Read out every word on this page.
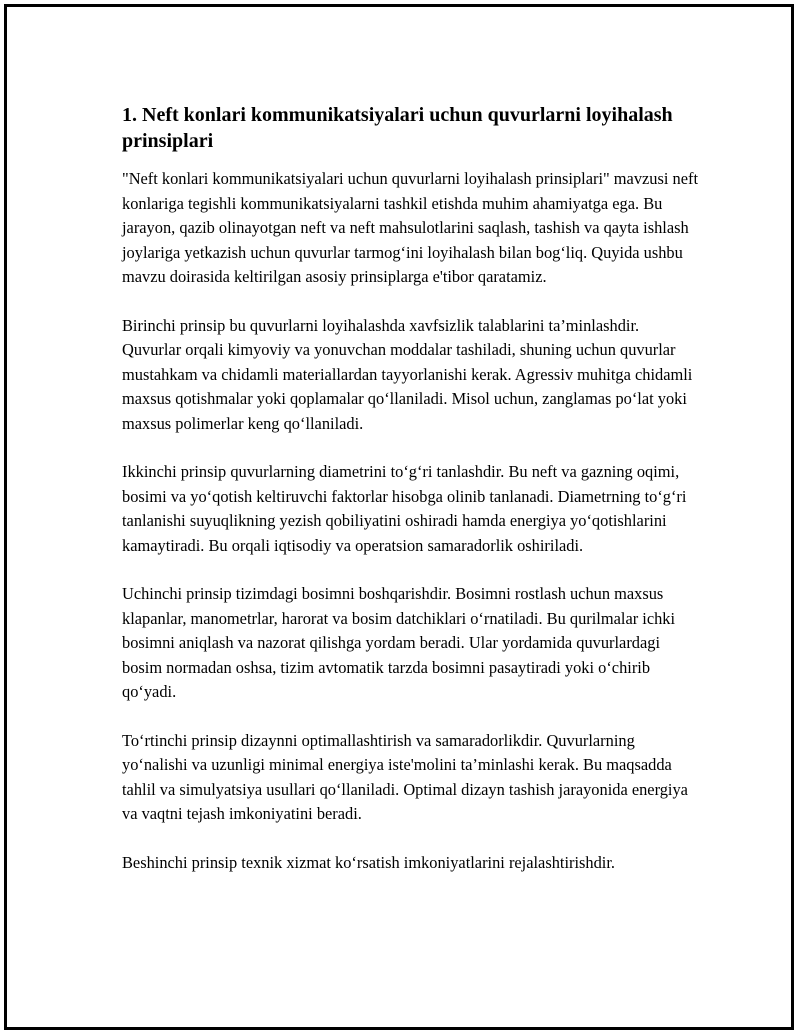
1. Neft konlari kommunikatsiyalari uchun quvurlarni loyihalash prinsiplari

"Neft konlari kommunikatsiyalari uchun quvurlarni loyihalash prinsiplari" mavzusi neft konlariga tegishli kommunikatsiyalarni tashkil etishda muhim ahamiyatga ega. Bu jarayon, qazib olinayotgan neft va neft mahsulotlarini saqlash, tashish va qayta ishlash joylariga yetkazish uchun quvurlar tarmog‘ini loyihalash bilan bog‘liq. Quyida ushbu mavzu doirasida keltirilgan asosiy prinsiplarga e'tibor qaratamiz.

Birinchi prinsip bu quvurlarni loyihalashda xavfsizlik talablarini ta’minlashdir. Quvurlar orqali kimyoviy va yonuvchan moddalar tashiladi, shuning uchun quvurlar mustahkam va chidamli materiallardan tayyorlanishi kerak. Agressiv muhitga chidamli maxsus qotishmalar yoki qoplamalar qo‘llaniladi. Misol uchun, zanglamas po‘lat yoki maxsus polimerlar keng qo‘llaniladi.

Ikkinchi prinsip quvurlarning diametrini to‘g‘ri tanlashdir. Bu neft va gazning oqimi, bosimi va yo‘qotish keltiruvchi faktorlar hisobga olinib tanlanadi. Diametrning to‘g‘ri tanlanishi suyuqlikning yezish qobiliyatini oshiradi hamda energiya yo‘qotishlarini kamaytiradi. Bu orqali iqtisodiy va operatsion samaradorlik oshiriladi.

Uchinchi prinsip tizimdagi bosimni boshqarishdir. Bosimni rostlash uchun maxsus klapanlar, manometrlar, harorat va bosim datchiklari o‘rnatiladi. Bu qurilmalar ichki bosimni aniqlash va nazorat qilishga yordam beradi. Ular yordamida quvurlardagi bosim normadan oshsa, tizim avtomatik tarzda bosimni pasaytiradi yoki o‘chirib qo‘yadi.

To‘rtinchi prinsip dizaynni optimallashtirish va samaradorlikdir. Quvurlarning yo‘nalishi va uzunligi minimal energiya iste'molini ta’minlashi kerak. Bu maqsadda tahlil va simulyatsiya usullari qo‘llaniladi. Optimal dizayn tashish jarayonida energiya va vaqtni tejash imkoniyatini beradi.

Beshinchi prinsip texnik xizmat ko‘rsatish imkoniyatlarini rejalashtirishdir.
